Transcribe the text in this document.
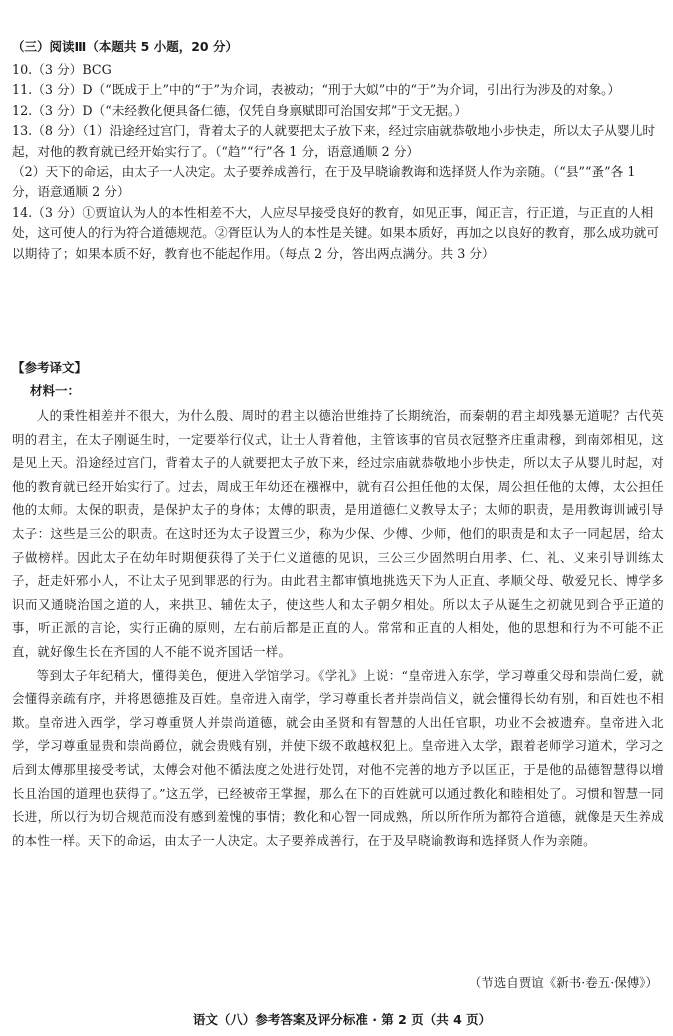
（三）阅读Ⅲ（本题共 5 小题，20 分）
10.（3 分）BCG
11.（3 分）D（“既成于上”中的“于”为介词，表被动；“刑于大姒”中的“于”为介词，引出行为涉及的对象。）
12.（3 分）D（“未经教化便具备仁德，仅凭自身禀赋即可治国安邦”于文无据。）
13.（8 分）（1）沿途经过宫门，背着太子的人就要把太子放下来，经过宗庙就恭敬地小步快走，所以太子从婴儿时起，对他的教育就已经开始实行了。（“趋”“行”各 1 分，语意通顺 2 分）
（2）天下的命运，由太子一人决定。太子要养成善行，在于及早晓谕教诲和选择贤人作为亲随。（“县”“蚤”各 1 分，语意通顺 2 分）
14.（3 分）①贾谊认为人的本性相差不大，人应尽早接受良好的教育，如见正事，闻正言，行正道，与正直的人相处，这可使人的行为符合道德规范。②胥臣认为人的本性是关键。如果本质好，再加之以良好的教育，那么成功就可以期待了；如果本质不好，教育也不能起作用。（每点 2 分，答出两点满分。共 3 分）
【参考译文】
材料一：

人的秉性相差并不很大，为什么殷、周时的君主以德治世维持了长期统治，而秦朝的君主却残暴无道呢？古代英明的君主，在太子刚诞生时，一定要举行仪式，让士人背着他，主管该事的官员衣冠整齐庄重肃穆，到南郊相见，这是见上天。沿途经过宫门，背着太子的人就要把太子放下来，经过宗庙就恭敬地小步快走，所以太子从婴儿时起，对他的教育就已经开始实行了。过去，周成王年幼还在襁褓中，就有召公担任他的太保，周公担任他的太傅，太公担任他的太师。太保的职责，是保护太子的身体；太傅的职责，是用道德仁义教导太子；太师的职责，是用教诲训诫引导太子：这些是三公的职责。在这时还为太子设置三少，称为少保、少傅、少师，他们的职责是和太子一同起居，给太子做榜样。因此太子在幼年时期便获得了关于仁义道德的见识，三公三少固然明白用孝、仁、礼、义来引导训练太子，赶走奸邪小人，不让太子见到罪恶的行为。由此君主都审慎地挑选天下为人正直、孝顺父母、敬爱兄长、博学多识而又通晓治国之道的人，来拱卫、辅佐太子，使这些人和太子朝夕相处。所以太子从诞生之初就见到合乎正道的事，听正派的言论，实行正确的原则，左右前后都是正直的人。常常和正直的人相处，他的思想和行为不可能不正直，就好像生长在齐国的人不能不说齐国话一样。

等到太子年纪稍大，懂得美色，便进入学馆学习。《学礼》上说：“皇帝进入东学，学习尊重父母和崇尚仁爱，就会懂得亲疏有序，并将恩德推及百姓。皇帝进入南学，学习尊重长者并崇尚信义，就会懂得长幼有别，和百姓也不相欺。皇帝进入西学，学习尊重贤人并崇尚道德，就会由圣贤和有智慧的人出任官职，功业不会被遗弃。皇帝进入北学，学习尊重显贵和崇尚爵位，就会贵贱有别，并使下级不敢越权犯上。皇帝进入太学，跟着老师学习道术，学习之后到太傅那里接受考试，太傅会对他不循法度之处进行处罚，对他不完善的地方予以匡正，于是他的品德智慧得以增长且治国的道理也获得了。”这五学，已经被帝王掌握，那么在下的百姓就可以通过教化和睦相处了。习惯和智慧一同长进，所以行为切合规范而没有感到羞愧的事情；教化和心智一同成熟，所以所作所为都符合道德，就像是天生养成的本性一样。天下的命运，由太子一人决定。太子要养成善行，在于及早晓谕教诲和选择贤人作为亲随。

（节选自贾谊《新书·卷五·保傅》）
语文（八）参考答案及评分标准 · 第 2 页（共 4 页）
